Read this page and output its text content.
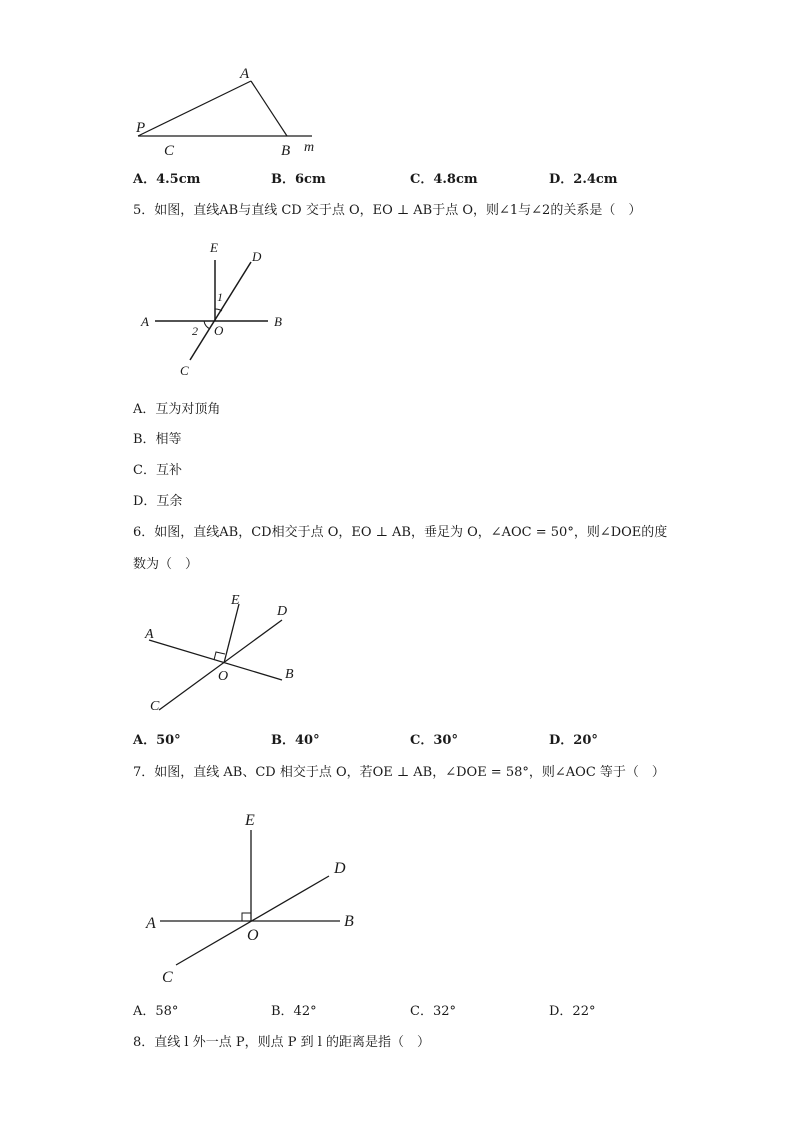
A
P
C	B m
A．4.5cm	B．6cm	C．4.8cm	D．2.4cm
5．如图，直线AB与直线 CD 交于点 O，EO ⊥ AB于点 O，则∠1与∠2的关系是（　）
E
D
A	B
C
O
1
2
A．互为对顶角
B．相等
C．互补
D．互余
6．如图，直线AB，CD相交于点 O，EO ⊥ AB，垂足为 O，∠AOC = 50°，则∠DOE的度
数为（　）
E
D
A
B
C
O
A．50°	B．40°	C．30°	D．20°
7．如图，直线 AB、CD 相交于点 O，若OE ⊥ AB，∠DOE = 58°，则∠AOC 等于（　）
E
D
A	B
C
O
A．58°	B．42°	C．32°	D．22°
8．直线 l 外一点 P，则点 P 到 l 的距离是指（　）
